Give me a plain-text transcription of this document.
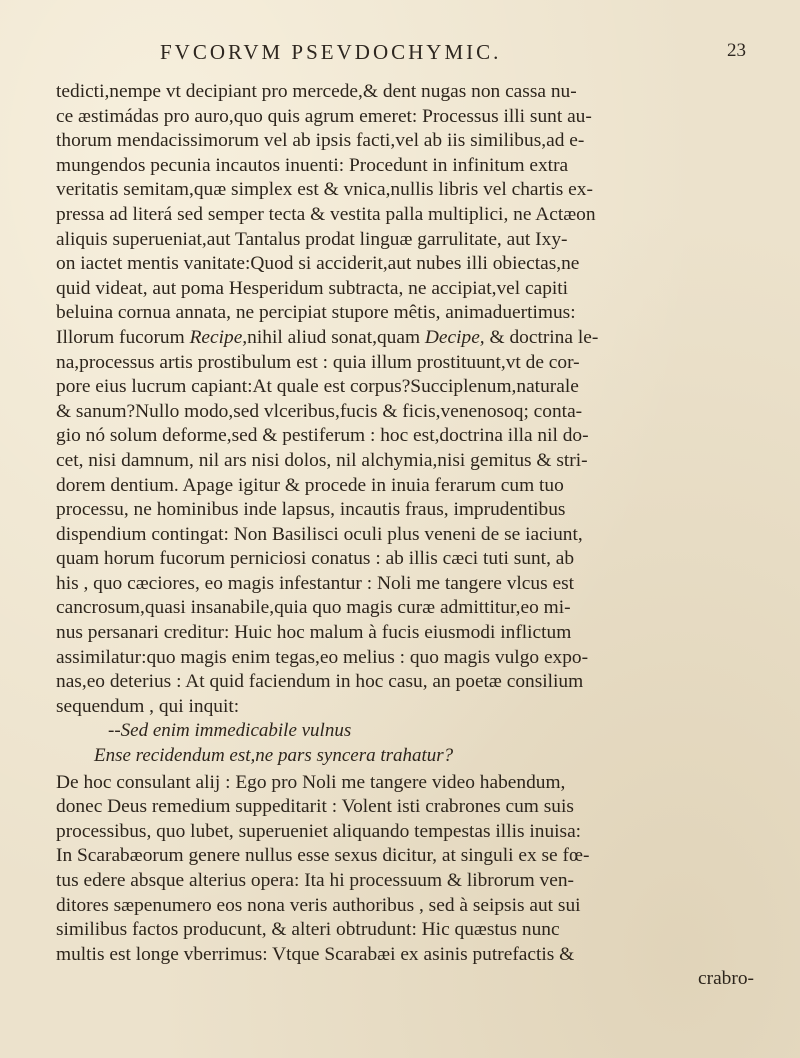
FVCORVM PSEVDOCHYMIC.	23
tedicti,nempe vt decipiant pro mercede,& dent nugas non cassa nu-
ce æstimádas pro auro,quo quis agrum emeret: Processus illi sunt au-
thorum mendacissimorum vel ab ipsis facti,vel ab iis similibus,ad e-
mungendos pecunia incautos inuenti: Procedunt in infinitum extra
veritatis semitam,quæ simplex est & vnica,nullis libris vel chartis ex-
pressa ad literá sed semper tecta & vestita palla multiplici, ne Actæon
aliquis superueniat,aut Tantalus prodat linguæ garrulitate, aut Ixy-
on iactet mentis vanitate:Quod si acciderit,aut nubes illi obiectas,ne
quid videat, aut poma Hesperidum subtracta, ne accipiat,vel capiti
beluina cornua annata, ne percipiat stupore mêtis, animaduertimus:
Illorum fucorum Recipe,nihil aliud sonat,quam Decipe, & doctrina le-
na,processus artis prostibulum est : quia illum prostituunt,vt de cor-
pore eius lucrum capiant:At quale est corpus?Succiplenum,naturale
& sanum?Nullo modo,sed vlceribus,fucis & ficis,venenosoq; conta-
gio nó solum deforme,sed & pestiferum : hoc est,doctrina illa nil do-
cet, nisi damnum, nil ars nisi dolos, nil alchymia,nisi gemitus & stri-
dorem dentium. Apage igitur & procede in inuia ferarum cum tuo
processu, ne hominibus inde lapsus, incautis fraus, imprudentibus
dispendium contingat: Non Basilisci oculi plus veneni de se iaciunt,
quam horum fucorum perniciosi conatus : ab illis cæci tuti sunt, ab
his , quo cæciores, eo magis infestantur : Noli me tangere vlcus est
cancrosum,quasi insanabile,quia quo magis curæ admittitur,eo mi-
nus persanari creditur: Huic hoc malum à fucis eiusmodi inflictum
assimilatur:quo magis enim tegas,eo melius : quo magis vulgo expo-
nas,eo deterius : At quid faciendum in hoc casu, an poetæ consilium
sequendum , qui inquit:
--Sed enim immedicabile vulnus
Ense recidendum est,ne pars syncera trahatur?
De hoc consulant alij : Ego pro Noli me tangere video habendum,
donec Deus remedium suppeditarit : Volent isti crabrones cum suis
processibus, quo lubet, superueniet aliquando tempestas illis inuisa:
In Scarabæorum genere nullus esse sexus dicitur, at singuli ex se fœ-
tus edere absque alterius opera: Ita hi processuum & librorum ven-
ditores sæpenumero eos nona veris authoribus , sed à seipsis aut sui
similibus factos producunt, & alteri obtrudunt: Hic quæstus nunc
multis est longe vberrimus: Vtque Scarabæi ex asinis putrefactis &
crabro-
